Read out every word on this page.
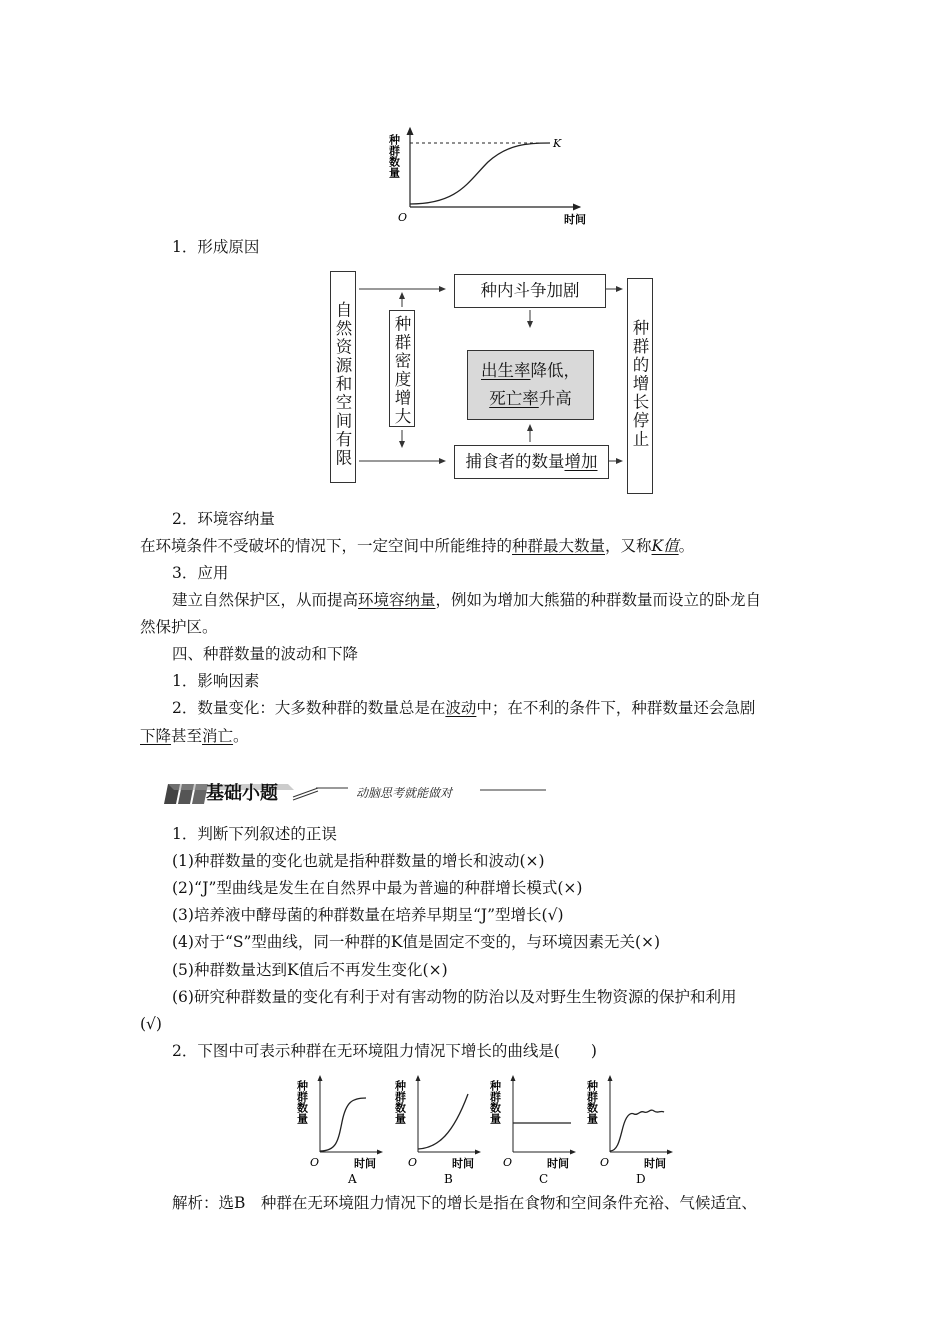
种群数量	K
O	时间
1．形成原因
自然资源和空间有限 种群密度增大
种内斗争加剧
出生率降低，
死亡率升高
捕食者的数量增加
种群的增长停止
2．环境容纳量
在环境条件不受破坏的情况下，一定空间中所能维持的种群最大数量，又称K值。
3．应用
建立自然保护区，从而提高环境容纳量，例如为增加大熊猫的种群数量而设立的卧龙自
然保护区。
四、种群数量的波动和下降
1．影响因素
2．数量变化：大多数种群的数量总是在波动中；在不利的条件下，种群数量还会急剧
下降甚至消亡。
基础小题	动脑思考就能做对
1．判断下列叙述的正误
(1)种群数量的变化也就是指种群数量的增长和波动(×)
(2)“J”型曲线是发生在自然界中最为普遍的种群增长模式(×)
(3)培养液中酵母菌的种群数量在培养早期呈“J”型增长(√)
(4)对于“S”型曲线，同一种群的K值是固定不变的，与环境因素无关(×)
(5)种群数量达到K值后不再发生变化(×)
(6)研究种群数量的变化有利于对有害动物的防治以及对野生生物资源的保护和利用
(√)
2．下图中可表示种群在无环境阻力情况下增长的曲线是(　　)
种群数量
O	时间
A
种群数量
O	时间
B
种群数量
O	时间
C
种群数量
O	时间
D
解析：选B　种群在无环境阻力情况下的增长是指在食物和空间条件充裕、气候适宜、
